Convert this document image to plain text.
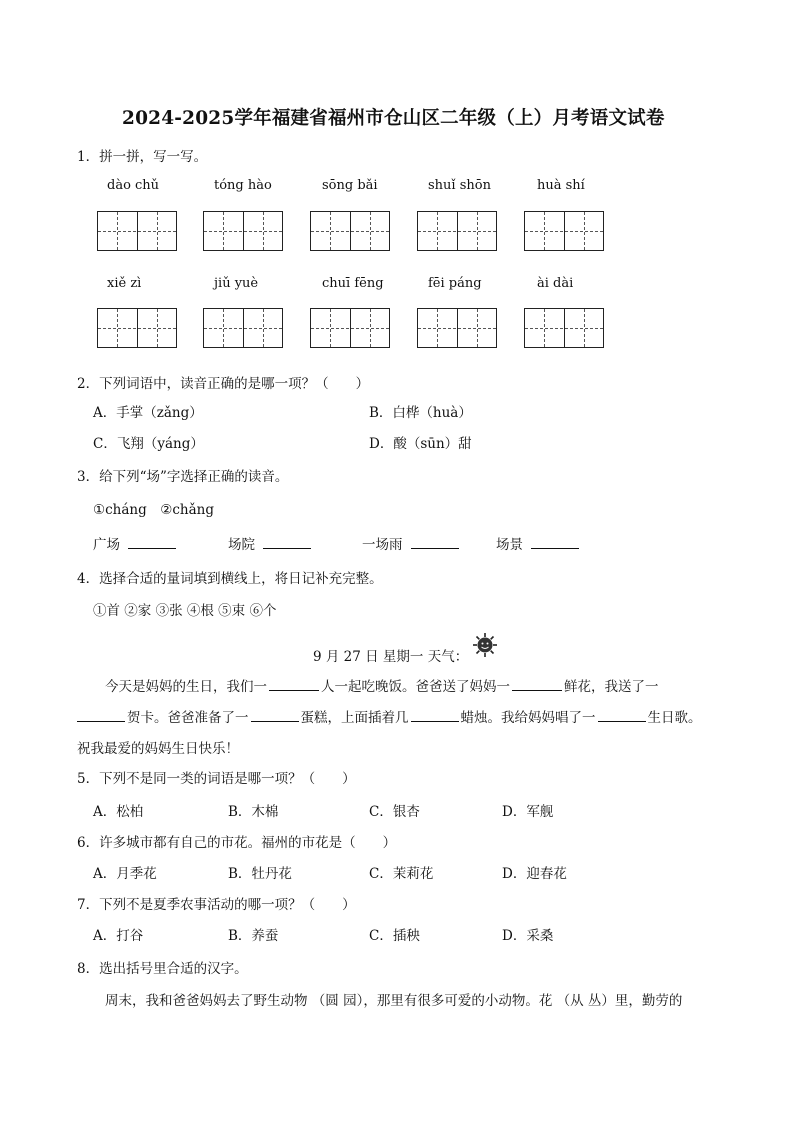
2024-2025学年福建省福州市仓山区二年级（上）月考语文试卷
1．拼一拼，写一写。
dào chǔ	tóng hào	sōng bǎi	shuǐ shōn	huà shí
xiě zì	jiǔ yuè	chuī fēng	fēi páng	ài dài
2．下列词语中，读音正确的是哪一项？（　　）
A．手掌（zǎng）	B．白桦（huà）
C．飞翔（yáng）	D．酸（sūn）甜
3．给下列“场”字选择正确的读音。
①cháng　②chǎng
广场	场院	一场雨	场景
4．选择合适的量词填到横线上，将日记补充完整。
①首 ②家 ③张 ④根 ⑤束 ⑥个
9 月 27 日 星期一 天气：
今天是妈妈的生日，我们一	人一起吃晚饭。爸爸送了妈妈一	鲜花，我送了一
贺卡。爸爸准备了一	蛋糕，上面插着几	蜡烛。我给妈妈唱了一	生日歌。
祝我最爱的妈妈生日快乐！
5．下列不是同一类的词语是哪一项？（　　）
A．松柏	B．木棉	C．银杏	D．军舰
6．许多城市都有自己的市花。福州的市花是（　　）
A．月季花	B．牡丹花	C．茉莉花	D．迎春花
7．下列不是夏季农事活动的哪一项？（　　）
A．打谷	B．养蚕	C．插秧	D．采桑
8．选出括号里合适的汉字。
周末，我和爸爸妈妈去了野生动物 （圆 园），那里有很多可爱的小动物。花 （从 丛）里，勤劳的
